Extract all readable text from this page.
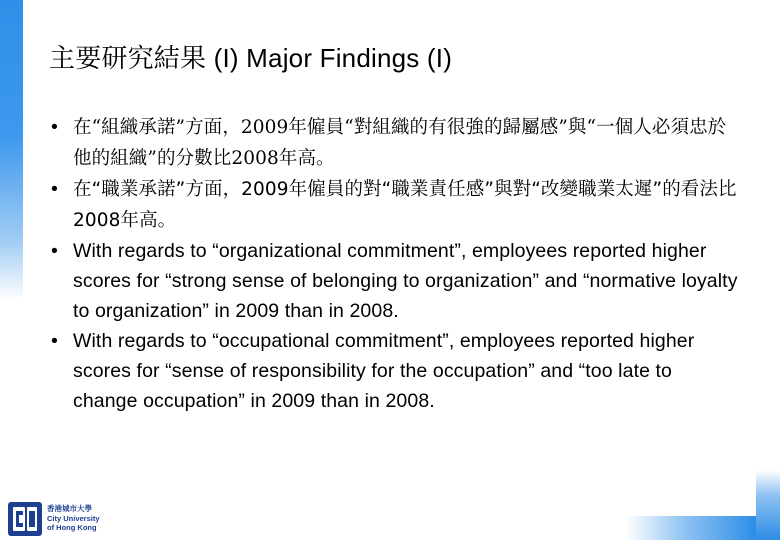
主要研究結果 (I) Major Findings (I)
• 在“組織承諾”方面，2009年僱員“對組織的有很強的歸屬感”與“一個人必須忠於他的組織”的分數比2008年高。
• 在“職業承諾”方面，2009年僱員的對“職業責任感”與對“改變職業太遲”的看法比2008年高。
• With regards to “organizational commitment”, employees reported higher scores for “strong sense of belonging to organization” and “normative loyalty to organization” in 2009 than in 2008.
• With regards to “occupational commitment”, employees reported higher scores for “sense of responsibility for the occupation” and “too late to change occupation” in 2009 than in 2008.
香港城市大學
City University
of Hong Kong
